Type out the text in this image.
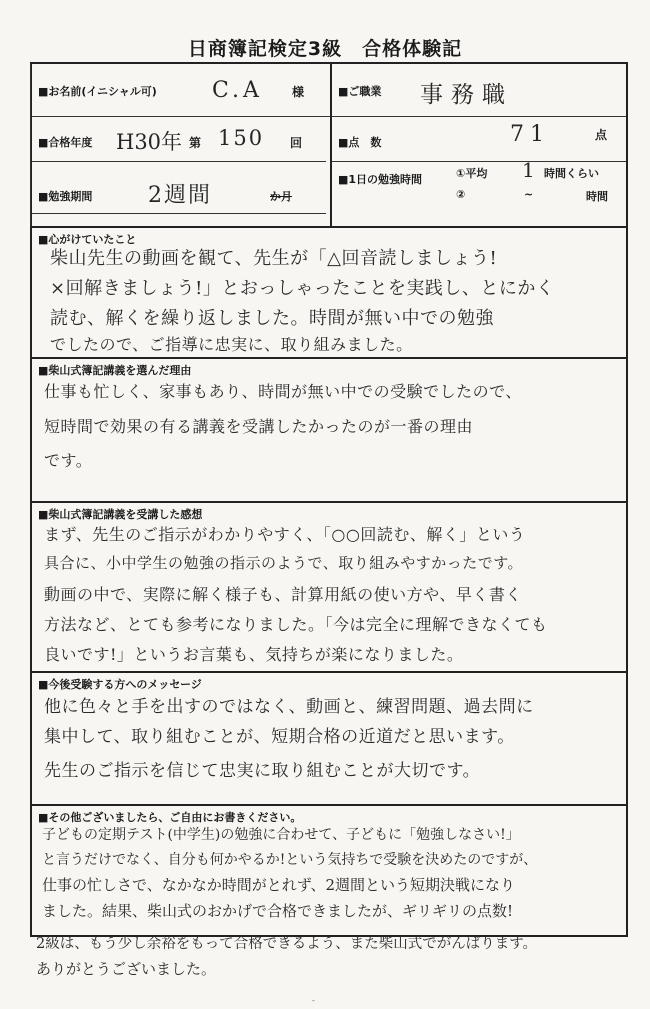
日商簿記検定3級　合格体験記
■お名前(イニシャル可)	C.A 様	■ご職業 事務職
■合格年度 H30年 第 150 回	■点　数	71	点
■1日の勉強時間	①平均 1 時間くらい
②	~	時間
■勉強期間	2週間	か月
■心がけていたこと
柴山先生の動画を観て、先生が「△回音読しましょう!
×回解きましょう!」とおっしゃったことを実践し、とにかく
読む、解くを繰り返しました。時間が無い中での勉強
でしたので、ご指導に忠実に、取り組みました。
■柴山式簿記講義を選んだ理由
仕事も忙しく、家事もあり、時間が無い中での受験でしたので、
短時間で効果の有る講義を受講したかったのが一番の理由
です。
■柴山式簿記講義を受講した感想
まず、先生のご指示がわかりやすく、「○○回読む、解く」という
具合に、小中学生の勉強の指示のようで、取り組みやすかったです。
動画の中で、実際に解く様子も、計算用紙の使い方や、早く書く
方法など、とても参考になりました。「今は完全に理解できなくても
良いです!」というお言葉も、気持ちが楽になりました。
■今後受験する方へのメッセージ
他に色々と手を出すのではなく、動画と、練習問題、過去問に
集中して、取り組むことが、短期合格の近道だと思います。
先生のご指示を信じて忠実に取り組むことが大切です。
■その他ございましたら、ご自由にお書きください。
子どもの定期テスト(中学生)の勉強に合わせて、子どもに「勉強しなさい!」
と言うだけでなく、自分も何かやるか!という気持ちで受験を決めたのですが、
仕事の忙しさで、なかなか時間がとれず、2週間という短期決戦になり
ました。結果、柴山式のおかげで合格できましたが、ギリギリの点数!
2級は、もう少し余裕をもって合格できるよう、また柴山式でがんばります。
ありがとうございました。
-
